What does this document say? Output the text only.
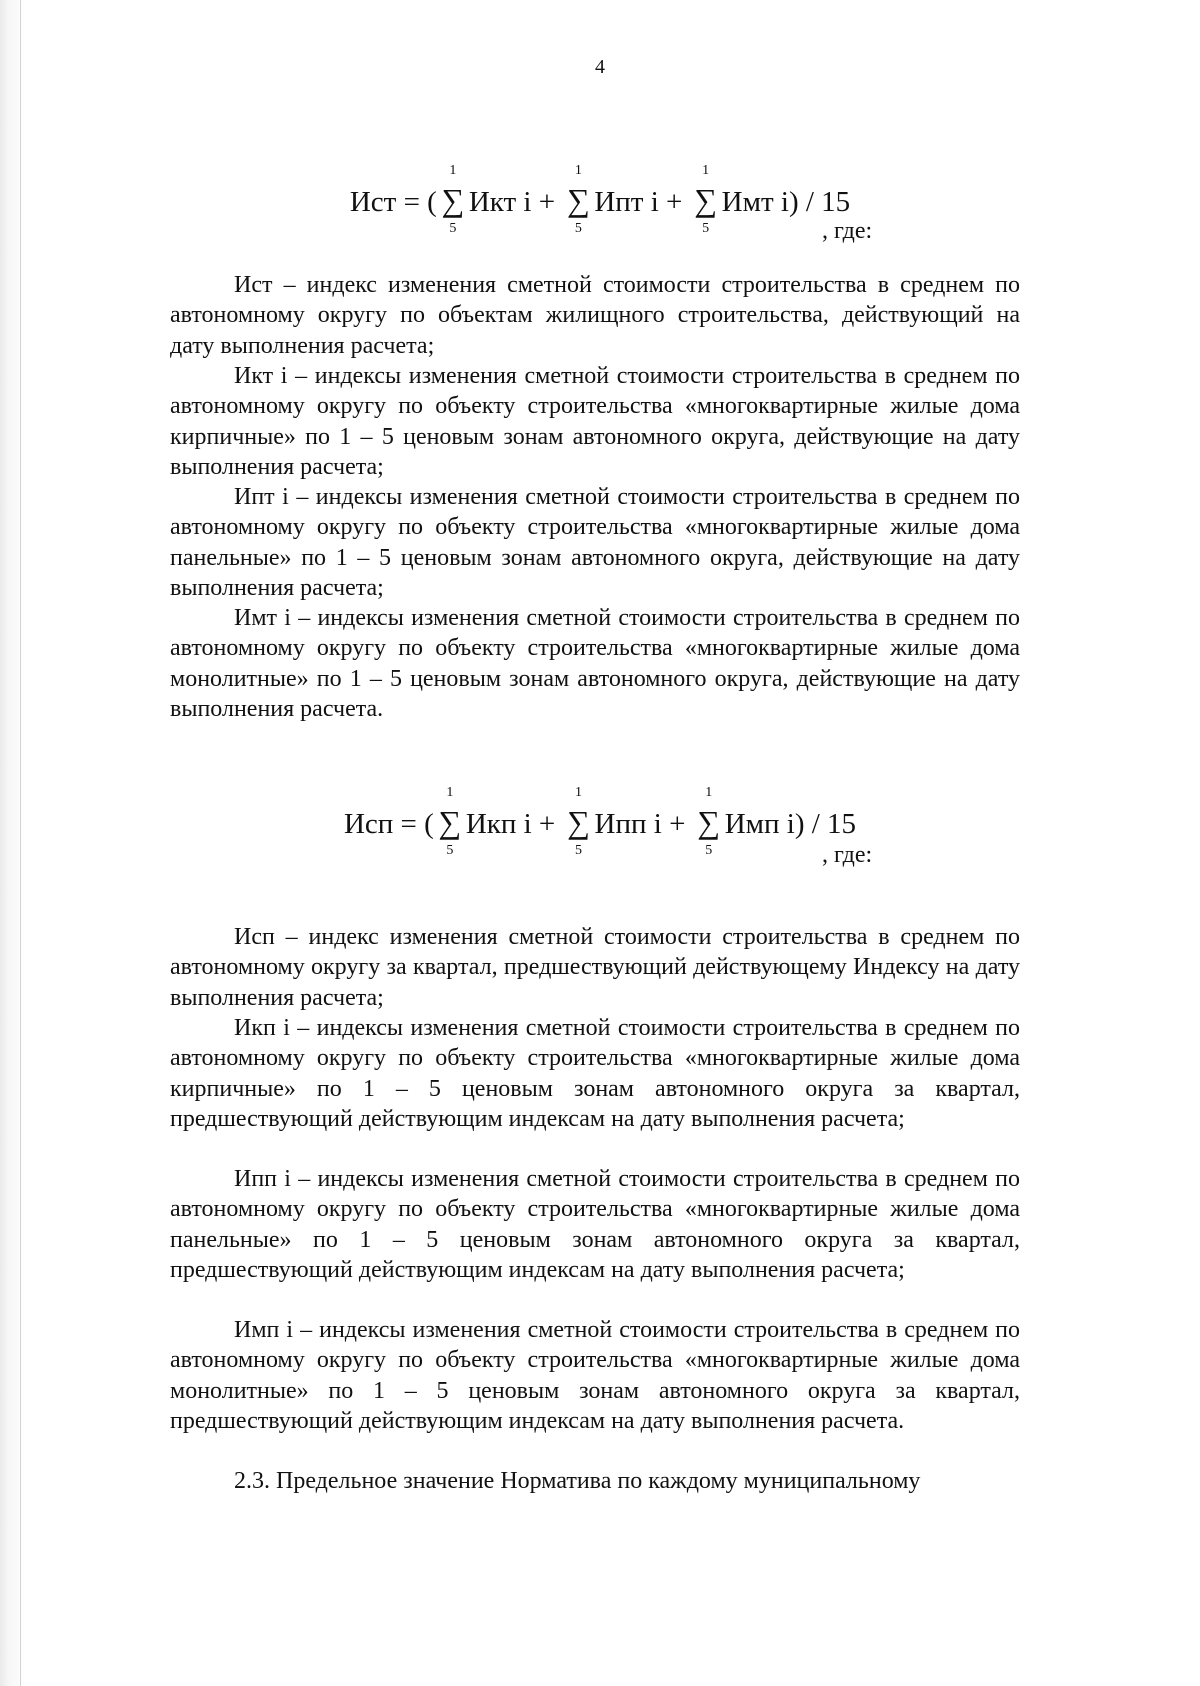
4
Ист = (
1
∑
5
Икт i +
1
∑
5
Ипт i +
1
∑
5
Имт i) / 15
, где:

Ист – индекс изменения сметной стоимости строительства в среднем по автономному округу по объектам жилищного строительства, действующий на дату выполнения расчета;

Икт i – индексы изменения сметной стоимости строительства в среднем по автономному округу по объекту строительства «многоквартирные жилые дома кирпичные» по 1 – 5 ценовым зонам автономного округа, действующие на дату выполнения расчета;

Ипт i – индексы изменения сметной стоимости строительства в среднем по автономному округу по объекту строительства «многоквартирные жилые дома панельные» по 1 – 5 ценовым зонам автономного округа, действующие на дату выполнения расчета;

Имт i – индексы изменения сметной стоимости строительства в среднем по автономному округу по объекту строительства «многоквартирные жилые дома монолитные» по 1 – 5 ценовым зонам автономного округа, действующие на дату выполнения расчета.

Исп = (
1
∑
5
Икп i +
1
∑
5
Ипп i +
1
∑
5
Имп i) / 15
, где:

Исп – индекс изменения сметной стоимости строительства в среднем по автономному округу за квартал, предшествующий действующему Индексу на дату выполнения расчета;

Икп i – индексы изменения сметной стоимости строительства в среднем по автономному округу по объекту строительства «многоквартирные жилые дома кирпичные» по 1 – 5 ценовым зонам автономного округа за квартал, предшествующий действующим индексам на дату выполнения расчета;

Ипп i – индексы изменения сметной стоимости строительства в среднем по автономному округу по объекту строительства «многоквартирные жилые дома панельные» по 1 – 5 ценовым зонам автономного округа за квартал, предшествующий действующим индексам на дату выполнения расчета;

Имп i – индексы изменения сметной стоимости строительства в среднем по автономному округу по объекту строительства «многоквартирные жилые дома монолитные» по 1 – 5 ценовым зонам автономного округа за квартал, предшествующий действующим индексам на дату выполнения расчета.

2.3. Предельное значение Норматива по каждому муниципальному
